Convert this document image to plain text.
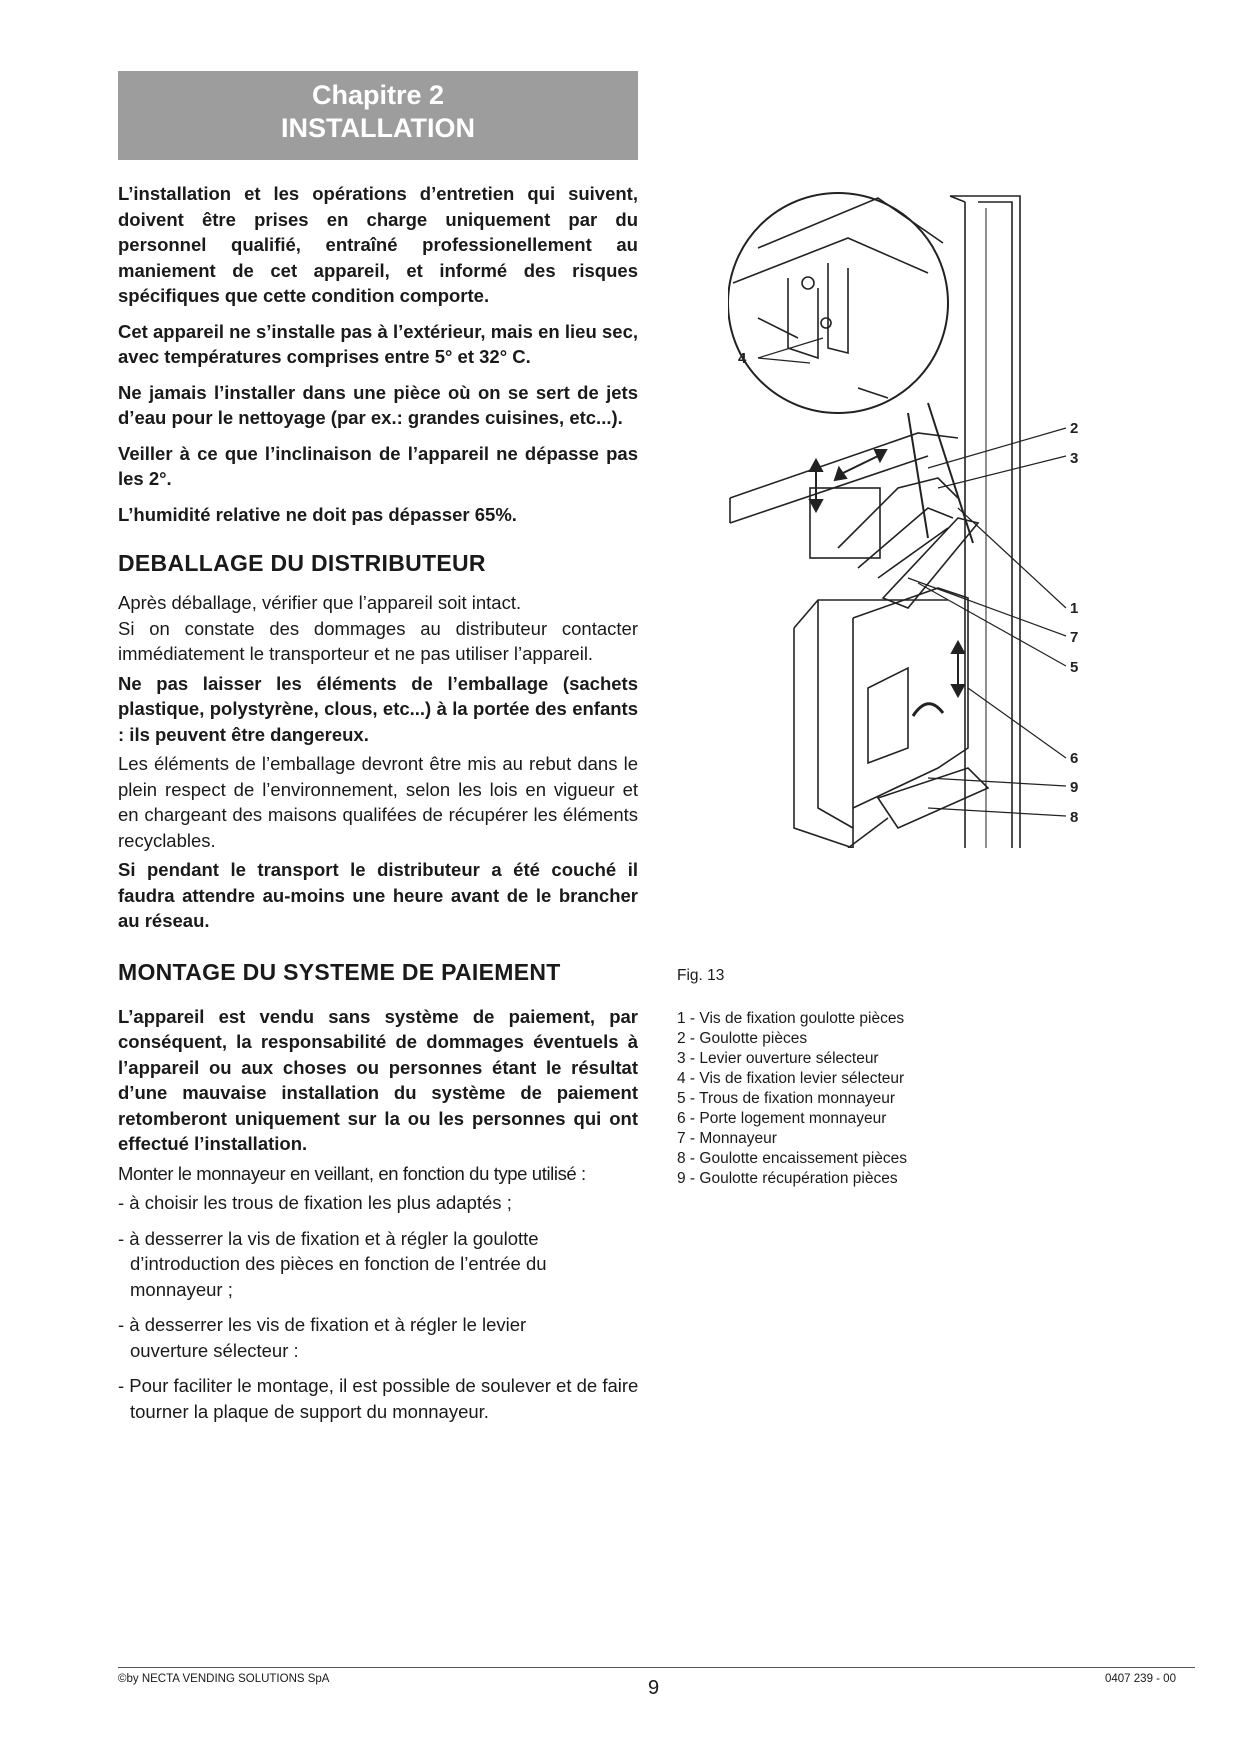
Chapitre 2
INSTALLATION

L’installation et les opérations d’entretien qui suivent, doivent être prises en charge uniquement par du personnel qualifié, entraîné professionellement au maniement de cet appareil, et informé des risques spécifiques que cette condition comporte.

Cet appareil ne s’installe pas à l’extérieur, mais en lieu sec, avec températures comprises entre 5° et 32° C.

Ne jamais l’installer dans une pièce où on se sert de jets d’eau pour le nettoyage (par ex.: grandes cuisines, etc...).

Veiller à ce que l’inclinaison de l’appareil ne dépasse pas les 2°.

L’humidité relative ne doit pas dépasser 65%.

DEBALLAGE DU DISTRIBUTEUR

Après déballage, vérifier que l’appareil soit intact.

Si on constate des dommages au distributeur contacter immédiatement le transporteur et ne pas utiliser l’appareil.

Ne pas laisser les éléments de l’emballage (sachets plastique, polystyrène, clous, etc...) à la portée des enfants : ils peuvent être dangereux.

Les éléments de l’emballage devront être mis au rebut dans le plein respect de l’environnement, selon les lois en vigueur et en chargeant des maisons qualifées de récupérer les éléments recyclables.

Si pendant le transport le distributeur a été couché il faudra attendre au-moins une heure avant de le brancher au réseau.

MONTAGE DU SYSTEME DE PAIEMENT

L’appareil est vendu sans système de paiement, par conséquent, la responsabilité de dommages éventuels à l’appareil ou aux choses ou personnes étant le résultat d’une mauvaise installation du système de paiement retomberont uniquement sur la ou les personnes qui ont effectué l’installation.

Monter le monnayeur en veillant, en fonction du type utilisé :

- à choisir les trous de fixation les plus adaptés ;
- à desserrer la vis de fixation et à régler la goulotte d’introduction des pièces en fonction de l’entrée du monnayeur ;
- à desserrer les vis de fixation et à régler le levier ouverture sélecteur :
- Pour faciliter le montage, il est possible de soulever et de faire tourner la plaque de support du monnayeur.
4
2
3
1
7
5
6
9
8
Fig. 13
1 - Vis de fixation goulotte pièces
2 - Goulotte pièces
3 - Levier ouverture sélecteur
4 - Vis de fixation levier sélecteur
5 - Trous de fixation monnayeur
6 - Porte logement monnayeur
7 - Monnayeur
8 - Goulotte encaissement pièces
9 - Goulotte récupération pièces
©by NECTA VENDING SOLUTIONS SpA	9	0407 239 - 00
